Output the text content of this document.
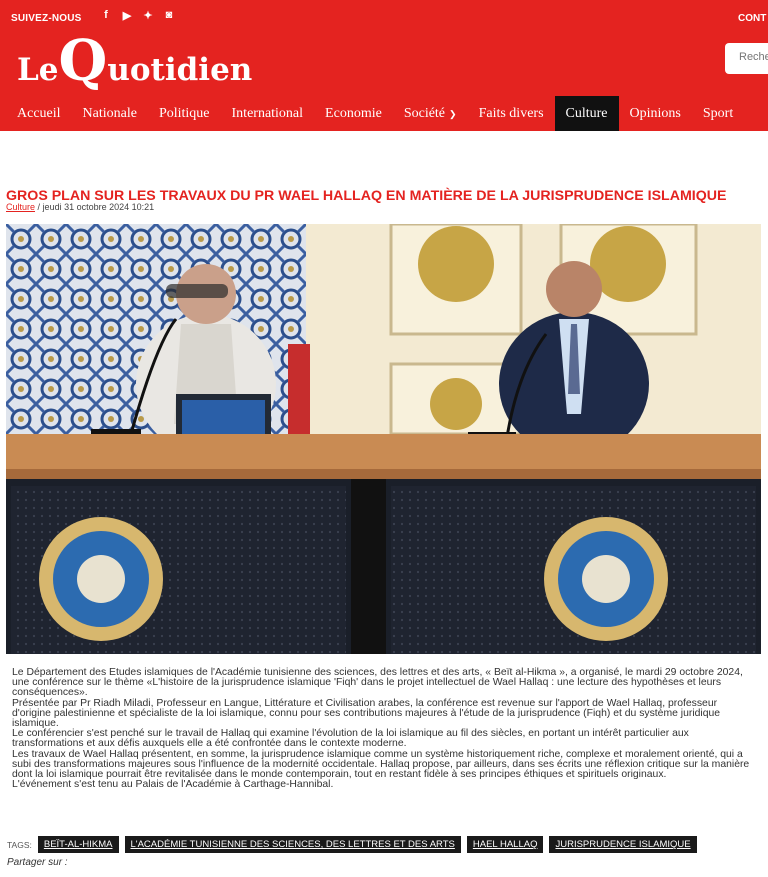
SUIVEZ-NOUS	f	▶ ✦ ◙	CONT
LeQuotidien
Reche
Accueil	Nationale	Politique	International	Economie	Société ❯	Faits divers	Culture	Opinions	Sport
GROS PLAN SUR LES TRAVAUX DU PR WAEL HALLAQ EN MATIÈRE DE LA JURISPRUDENCE ISLAMIQUE
Culture / jeudi 31 octobre 2024 10:21

Le Département des Etudes islamiques de l'Académie tunisienne des sciences, des lettres et des arts, « Beït al-Hikma », a organisé, le mardi 29 octobre 2024, une conférence sur le thème «L'histoire de la jurisprudence islamique 'Fiqh' dans le projet intellectuel de Wael Hallaq : une lecture des hypothèses et leurs conséquences».

Présentée par Pr Riadh Miladi, Professeur en Langue, Littérature et Civilisation arabes, la conférence est revenue sur l'apport de Wael Hallaq, professeur d'origine palestinienne et spécialiste de la loi islamique, connu pour ses contributions majeures à l'étude de la jurisprudence (Fiqh) et du système juridique islamique.

Le conférencier s'est penché sur le travail de Hallaq qui examine l'évolution de la loi islamique au fil des siècles, en portant un intérêt particulier aux transformations et aux défis auxquels elle a été confrontée dans le contexte moderne.

Les travaux de Wael Hallaq présentent, en somme, la jurisprudence islamique comme un système historiquement riche, complexe et moralement orienté, qui a subi des transformations majeures sous l'influence de la modernité occidentale. Hallaq propose, par ailleurs, dans ses écrits une réflexion critique sur la manière dont la loi islamique pourrait être revitalisée dans le monde contemporain, tout en restant fidèle à ses principes éthiques et spirituels originaux.

L'événement s'est tenu au Palais de l'Académie à Carthage-Hannibal.

TAGS:	BEÏT-AL-HIKMA	L'ACADÉMIE TUNISIENNE DES SCIENCES, DES LETTRES ET DES ARTS	HAEL HALLAQ	JURISPRUDENCE ISLAMIQUE
Partager sur :
